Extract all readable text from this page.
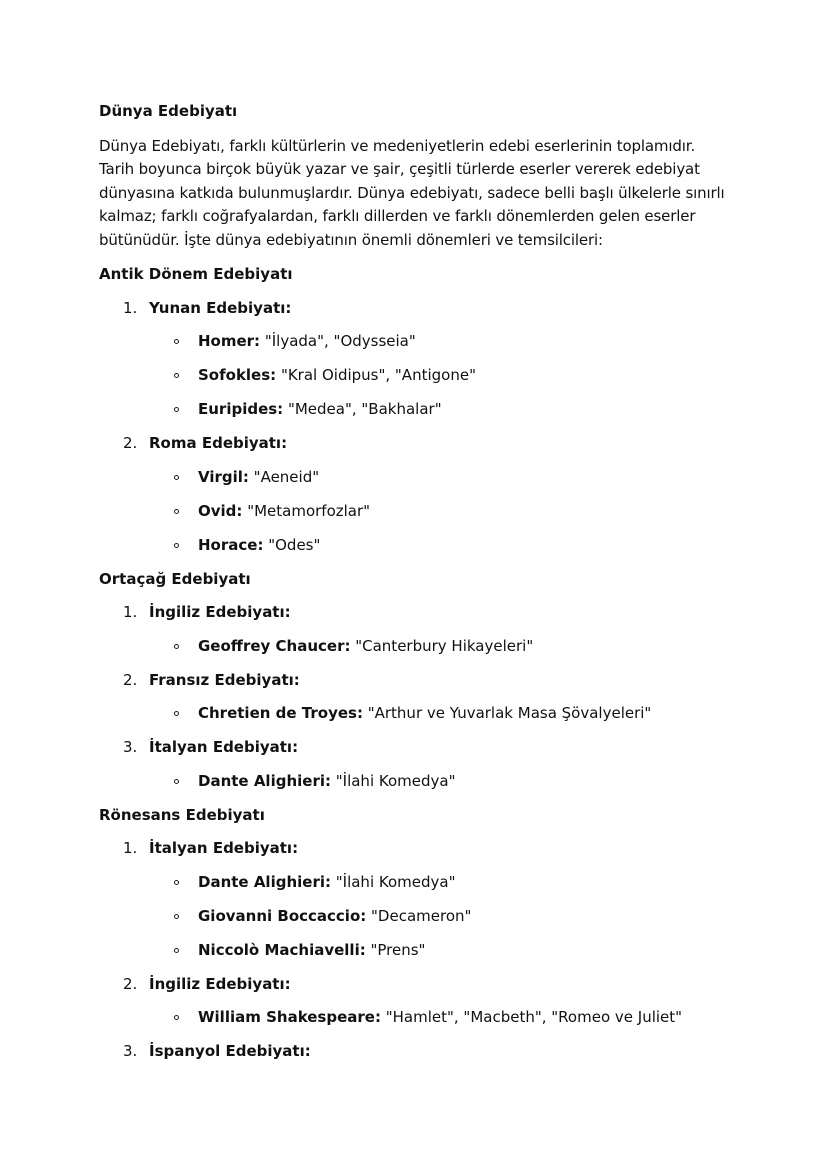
Dünya Edebiyatı
Dünya Edebiyatı, farklı kültürlerin ve medeniyetlerin edebi eserlerinin toplamıdır. Tarih boyunca birçok büyük yazar ve şair, çeşitli türlerde eserler vererek edebiyat dünyasına katkıda bulunmuşlardır. Dünya edebiyatı, sadece belli başlı ülkelerle sınırlı kalmaz; farklı coğrafyalardan, farklı dillerden ve farklı dönemlerden gelen eserler bütünüdür. İşte dünya edebiyatının önemli dönemleri ve temsilcileri:
Antik Dönem Edebiyatı
1. Yunan Edebiyatı:
Homer: "İlyada", "Odysseia"
Sofokles: "Kral Oidipus", "Antigone"
Euripides: "Medea", "Bakhalar"
2. Roma Edebiyatı:
Virgil: "Aeneid"
Ovid: "Metamorfozlar"
Horace: "Odes"
Ortaçağ Edebiyatı
1. İngiliz Edebiyatı:
Geoffrey Chaucer: "Canterbury Hikayeleri"
2. Fransız Edebiyatı:
Chretien de Troyes: "Arthur ve Yuvarlak Masa Şövalyeleri"
3. İtalyan Edebiyatı:
Dante Alighieri: "İlahi Komedya"
Rönesans Edebiyatı
1. İtalyan Edebiyatı:
Dante Alighieri: "İlahi Komedya"
Giovanni Boccaccio: "Decameron"
Niccolò Machiavelli: "Prens"
2. İngiliz Edebiyatı:
William Shakespeare: "Hamlet", "Macbeth", "Romeo ve Juliet"
3. İspanyol Edebiyatı:
